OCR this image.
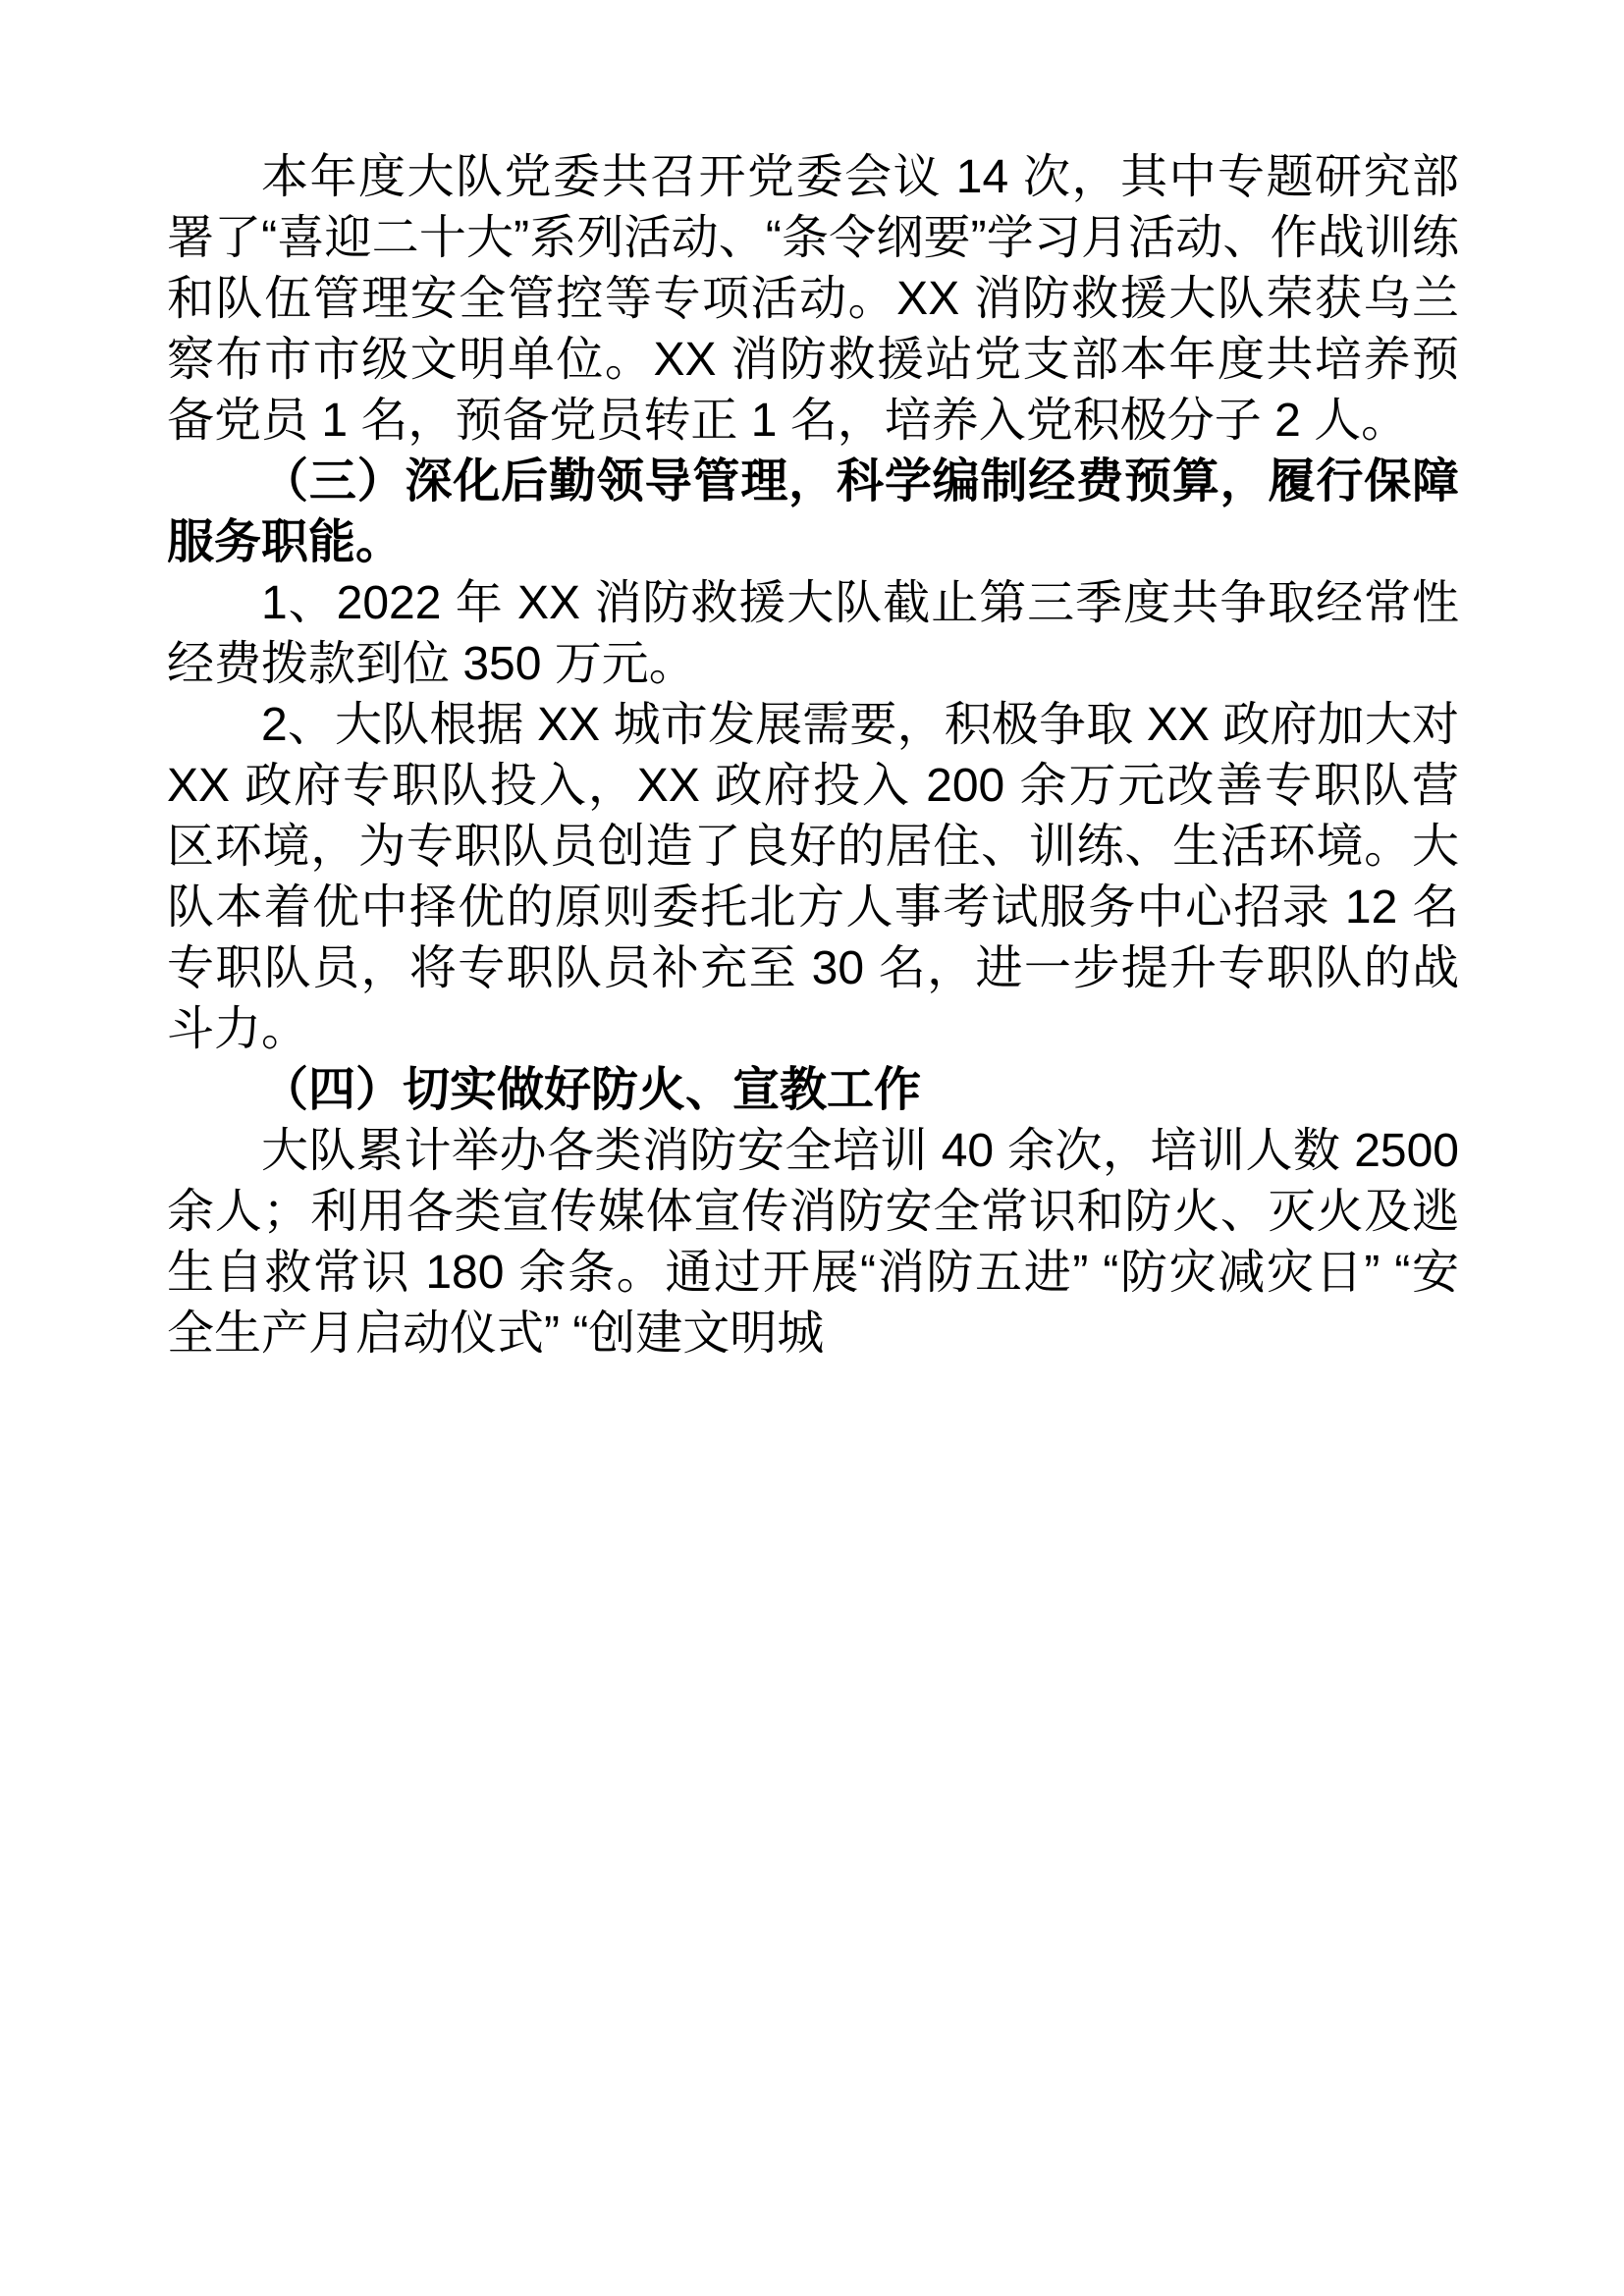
本年度大队党委共召开党委会议 14 次，其中专题研究部署了“喜迎二十大”系列活动、“条令纲要”学习月活动、作战训练和队伍管理安全管控等专项活动。XX 消防救援大队荣获乌兰察布市市级文明单位。XX 消防救援站党支部本年度共培养预备党员 1 名，预备党员转正 1 名，培养入党积极分子 2 人。

（三）深化后勤领导管理，科学编制经费预算，履行保障服务职能。

1、2022 年 XX 消防救援大队截止第三季度共争取经常性经费拨款到位 350 万元。

2、大队根据 XX 城市发展需要，积极争取 XX 政府加大对 XX 政府专职队投入，XX 政府投入 200 余万元改善专职队营区环境，为专职队员创造了良好的居住、训练、生活环境。大队本着优中择优的原则委托北方人事考试服务中心招录 12 名专职队员，将专职队员补充至 30 名，进一步提升专职队的战斗力。

（四）切实做好防火、宣教工作

大队累计举办各类消防安全培训 40 余次，培训人数 2500 余人；利用各类宣传媒体宣传消防安全常识和防火、灭火及逃生自救常识 180 余条。通过开展“消防五进” “防灾减灾日” “安全生产月启动仪式” “创建文明城
